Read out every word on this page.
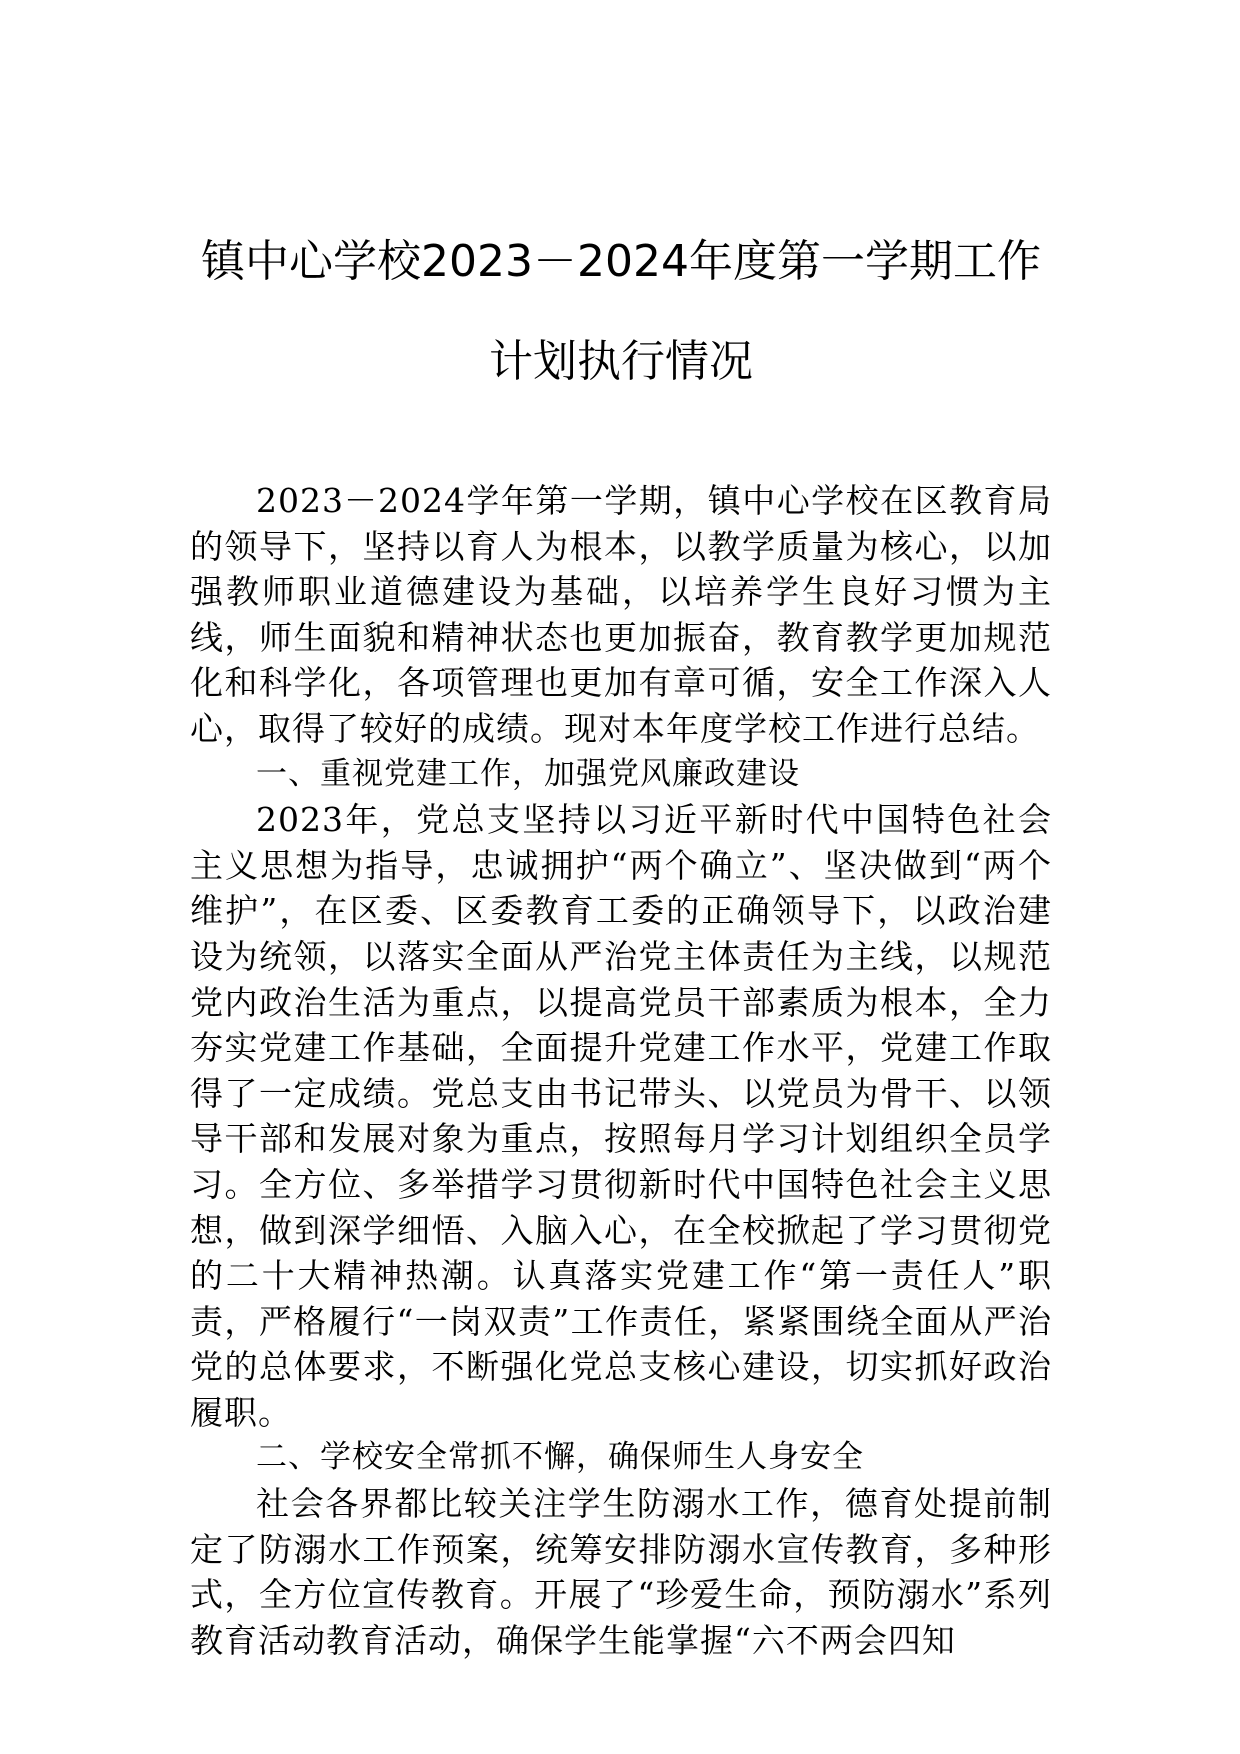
镇中心学校2023－2024年度第一学期工作
计划执行情况

2023－2024学年第一学期，镇中心学校在区教育局的领导下，坚持以育人为根本，以教学质量为核心，以加强教师职业道德建设为基础，以培养学生良好习惯为主线，师生面貌和精神状态也更加振奋，教育教学更加规范化和科学化，各项管理也更加有章可循，安全工作深入人心，取得了较好的成绩。现对本年度学校工作进行总结。

一、重视党建工作，加强党风廉政建设

2023年，党总支坚持以习近平新时代中国特色社会主义思想为指导，忠诚拥护“两个确立”、坚决做到“两个维护”，在区委、区委教育工委的正确领导下，以政治建设为统领，以落实全面从严治党主体责任为主线，以规范党内政治生活为重点，以提高党员干部素质为根本，全力夯实党建工作基础，全面提升党建工作水平，党建工作取得了一定成绩。党总支由书记带头、以党员为骨干、以领导干部和发展对象为重点，按照每月学习计划组织全员学习。全方位、多举措学习贯彻新时代中国特色社会主义思想，做到深学细悟、入脑入心，在全校掀起了学习贯彻党的二十大精神热潮。认真落实党建工作“第一责任人”职责，严格履行“一岗双责”工作责任，紧紧围绕全面从严治党的总体要求，不断强化党总支核心建设，切实抓好政治履职。

二、学校安全常抓不懈，确保师生人身安全

社会各界都比较关注学生防溺水工作，德育处提前制定了防溺水工作预案，统筹安排防溺水宣传教育，多种形式，全方位宣传教育。开展了“珍爱生命，预防溺水”系列教育活动教育活动，确保学生能掌握“六不两会四知
